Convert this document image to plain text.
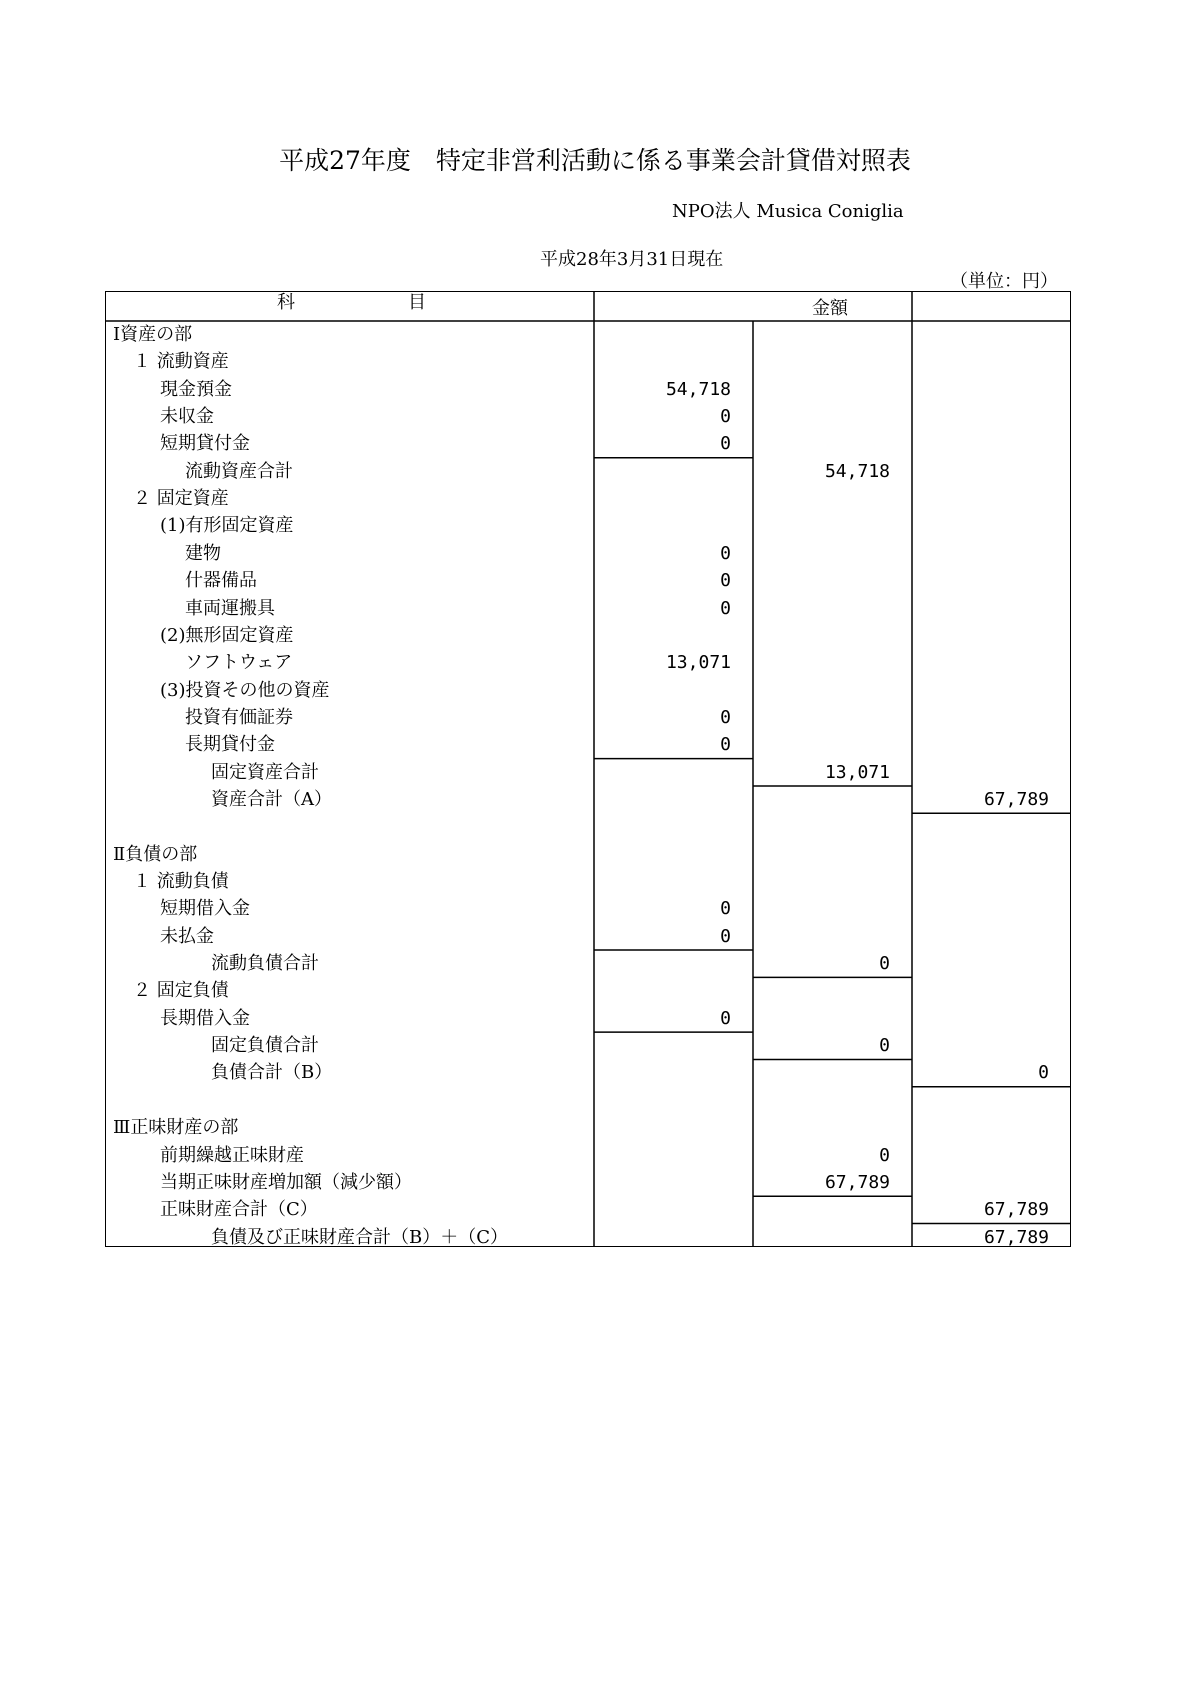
平成27年度　特定非営利活動に係る事業会計貸借対照表
NPO法人 Musica Coniglia
平成28年3月31日現在
（単位：円）
科	目	金額
Ⅰ資産の部
１ 流動資産
現金預金	54,718
未収金	0
短期貸付金	0
流動資産合計	54,718
２ 固定資産
(1)有形固定資産
建物	0
什器備品	0
車両運搬具	0
(2)無形固定資産
ソフトウェア	13,071
(3)投資その他の資産
投資有価証券	0
長期貸付金	0
固定資産合計	13,071
資産合計（A）	67,789
Ⅱ負債の部
１ 流動負債
短期借入金	0
未払金	0
流動負債合計	0
２ 固定負債
長期借入金	0
固定負債合計	0
負債合計（B）	0
Ⅲ正味財産の部
前期繰越正味財産	0
当期正味財産増加額（減少額）	67,789
正味財産合計（C）	67,789
負債及び正味財産合計（B）＋（C）	67,789
